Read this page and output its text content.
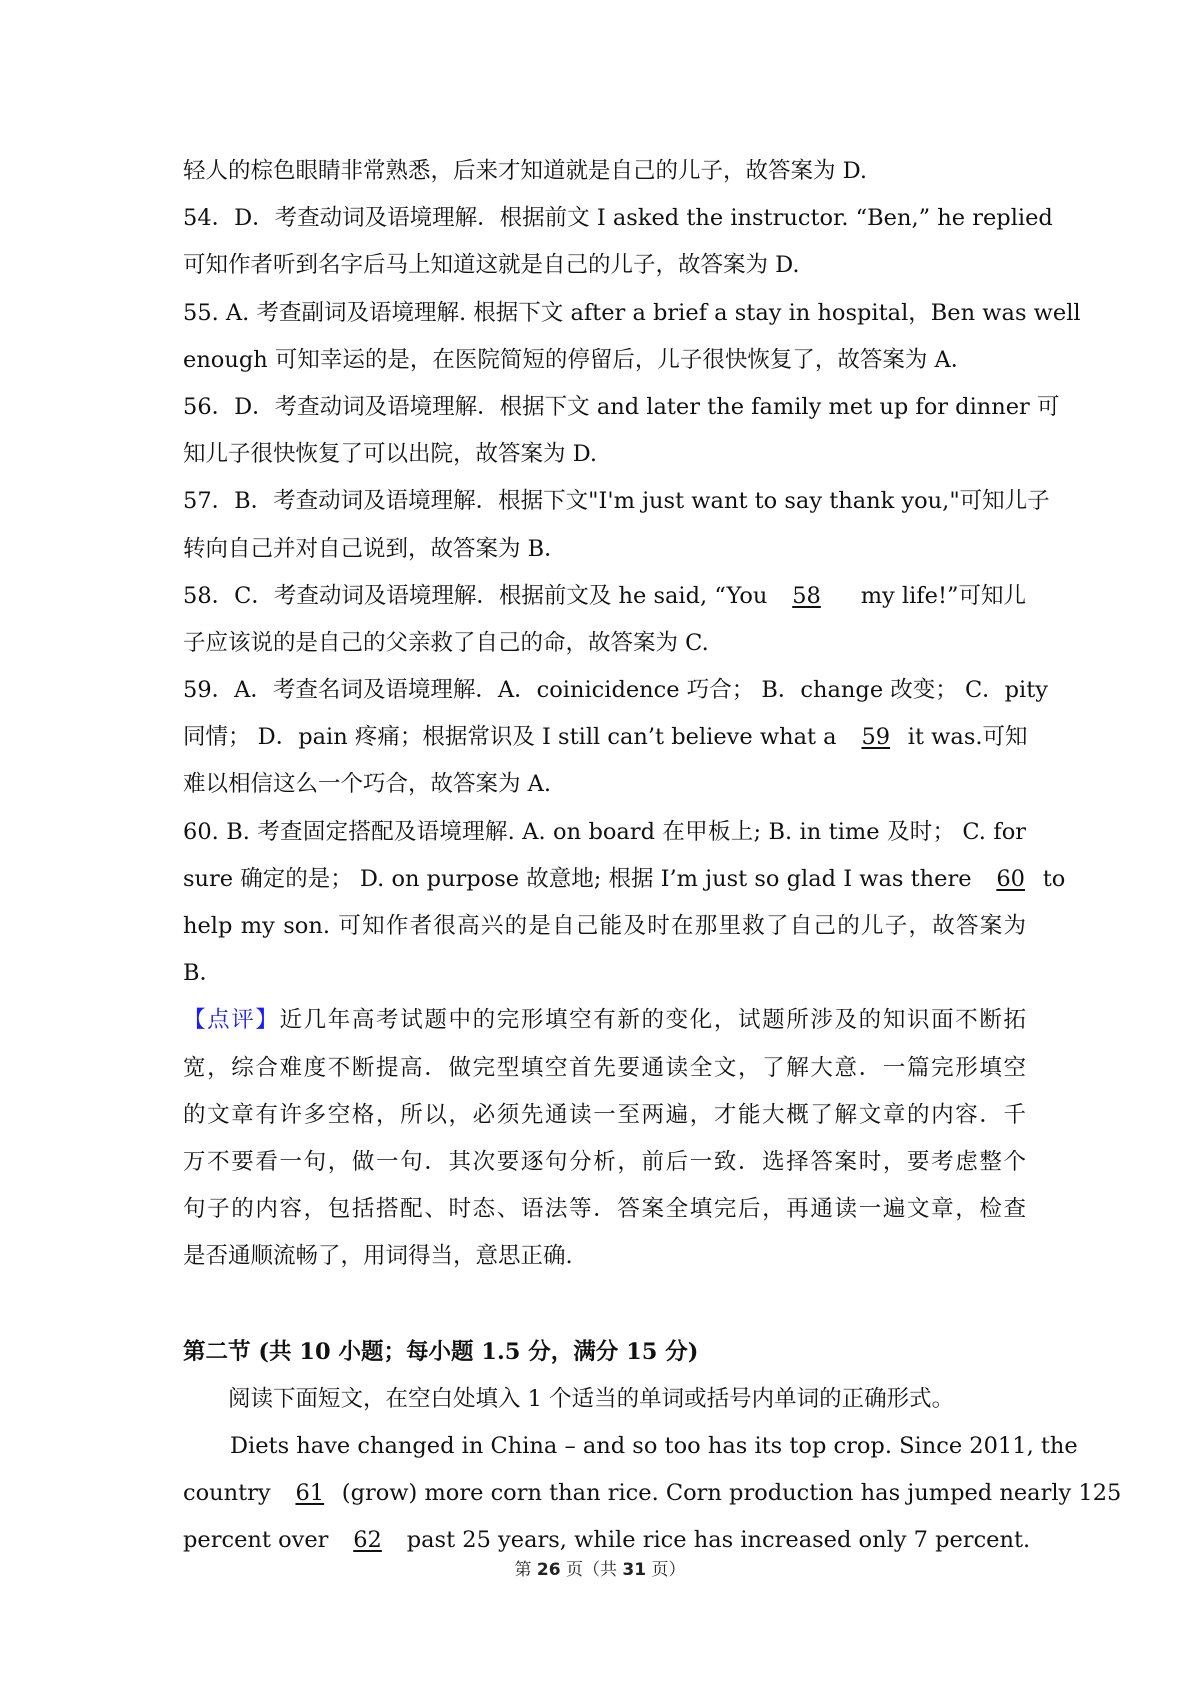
轻人的棕色眼睛非常熟悉，后来才知道就是自己的儿子，故答案为 D.
54．D．考查动词及语境理解．根据前文 I asked the instructor. “Ben,” he replied
可知作者听到名字后马上知道这就是自己的儿子，故答案为 D.
55. A. 考查副词及语境理解. 根据下文 after a brief a stay in hospital，Ben was well
enough 可知幸运的是，在医院简短的停留后，儿子很快恢复了，故答案为 A．
56．D．考查动词及语境理解．根据下文 and later the family met up for dinner 可
知儿子很快恢复了可以出院，故答案为 D.
57．B．考查动词及语境理解．根据下文"I'm just want to say thank you,"可知儿子
转向自己并对自己说到，故答案为 B．
58．C．考查动词及语境理解．根据前文及 he said, “You 58	my life!”可知儿
子应该说的是自己的父亲救了自己的命，故答案为 C.
59．A．考查名词及语境理解．A．coinicidence 巧合； B．change 改变； C．pity
同情； D．pain 疼痛；根据常识及 I still can’t believe what a 59 it was.可知
难以相信这么一个巧合，故答案为 A.
60. B. 考查固定搭配及语境理解. A. on board 在甲板上; B. in time 及时； C. for
sure 确定的是； D. on purpose 故意地; 根据 I’m just so glad I was there 60 to
help my son. 可知作者很高兴的是自己能及时在那里救了自己的儿子，故答案为
B．
【点评】近几年高考试题中的完形填空有新的变化，试题所涉及的知识面不断拓
宽，综合难度不断提高．做完型填空首先要通读全文，了解大意．一篇完形填空
的文章有许多空格，所以，必须先通读一至两遍，才能大概了解文章的内容．千
万不要看一句，做一句．其次要逐句分析，前后一致．选择答案时，要考虑整个
句子的内容，包括搭配、时态、语法等．答案全填完后，再通读一遍文章，检查
是否通顺流畅了，用词得当，意思正确.
第二节 (共 10 小题；每小题 1.5 分，满分 15 分)
阅读下面短文，在空白处填入 1 个适当的单词或括号内单词的正确形式。
Diets have changed in China – and so too has its top crop. Since 2011, the
country 61 (grow) more corn than rice. Corn production has jumped nearly 125
percent over 62 past 25 years, while rice has increased only 7 percent.
第 26 页（共 31 页）
